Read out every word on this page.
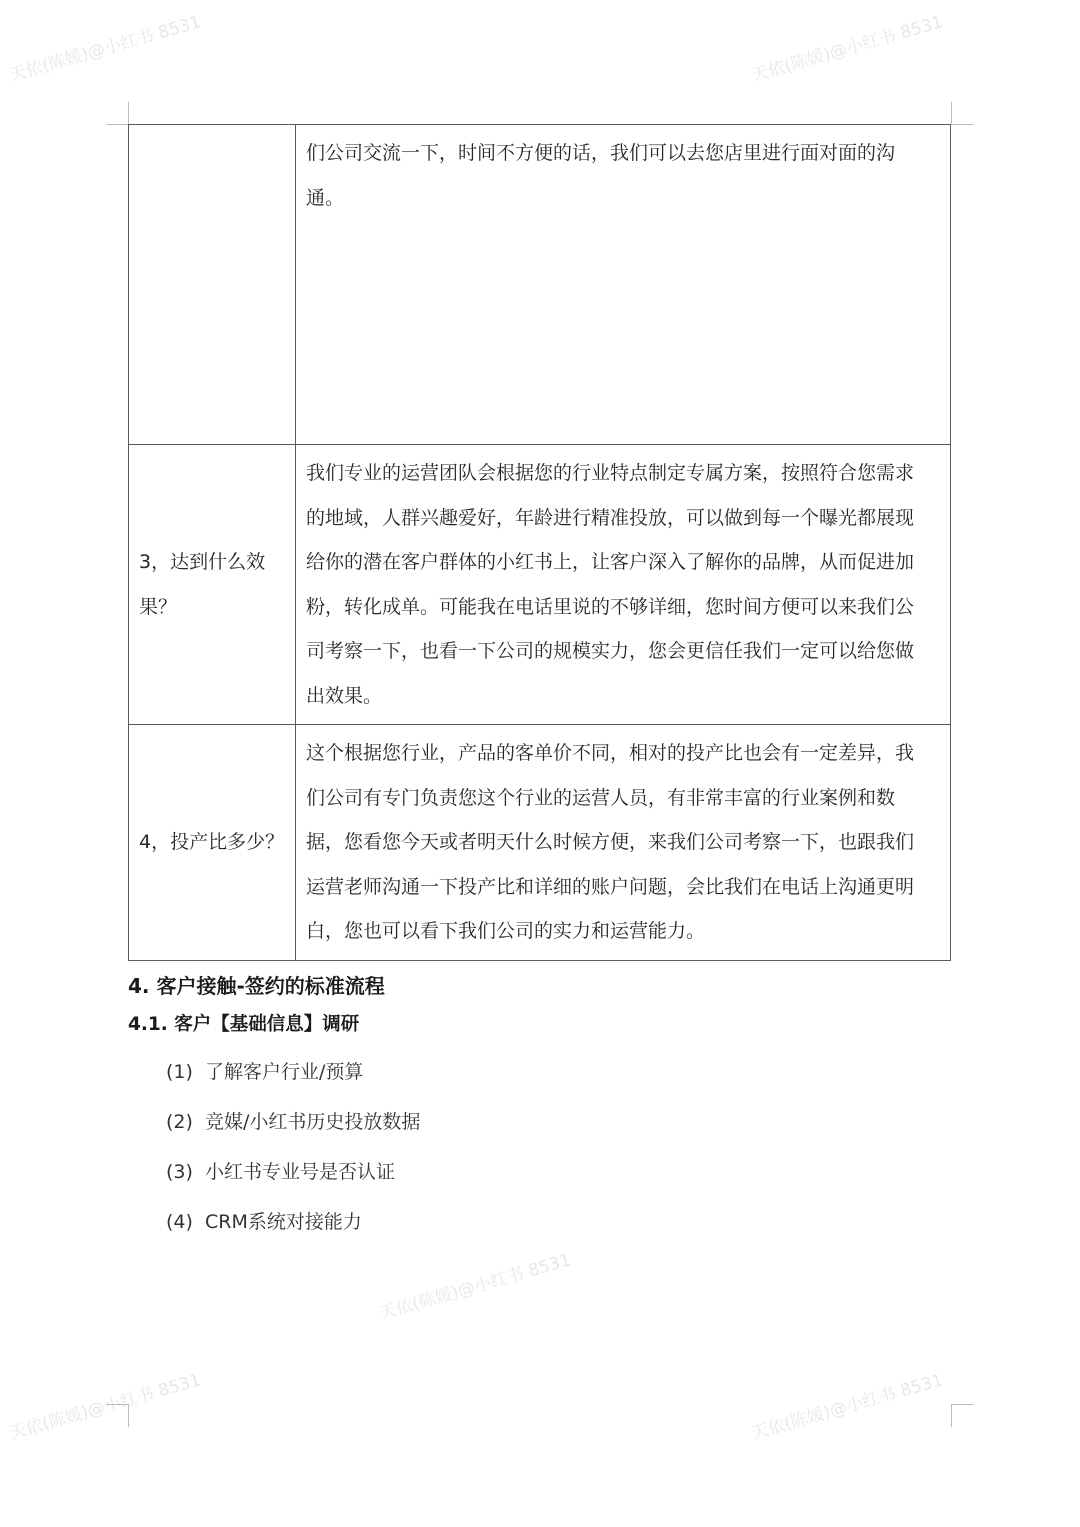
天依(陈媛)@小红书 8531	天依(陈媛)@小红书 8531
天依(陈媛)@小红书 8531	天依(陈媛)@小红书 8531
天依(陈媛)@小红书 8531
	们公司交流一下，时间不方便的话，我们可以去您店里进行面对面的沟通。
3，达到什么效果？	我们专业的运营团队会根据您的行业特点制定专属方案，按照符合您需求的地域，人群兴趣爱好，年龄进行精准投放，可以做到每一个曝光都展现给你的潜在客户群体的小红书上，让客户深入了解你的品牌，从而促进加粉，转化成单。可能我在电话里说的不够详细，您时间方便可以来我们公司考察一下，也看一下公司的规模实力，您会更信任我们一定可以给您做出效果。
4，投产比多少？	这个根据您行业，产品的客单价不同，相对的投产比也会有一定差异，我们公司有专门负责您这个行业的运营人员，有非常丰富的行业案例和数据，您看您今天或者明天什么时候方便，来我们公司考察一下，也跟我们运营老师沟通一下投产比和详细的账户问题，会比我们在电话上沟通更明白，您也可以看下我们公司的实力和运营能力。
4. 客户接触-签约的标准流程
4.1. 客户【基础信息】调研
(1) 了解客户行业/预算
(2) 竞媒/小红书历史投放数据
(3) 小红书专业号是否认证
(4) CRM系统对接能力
